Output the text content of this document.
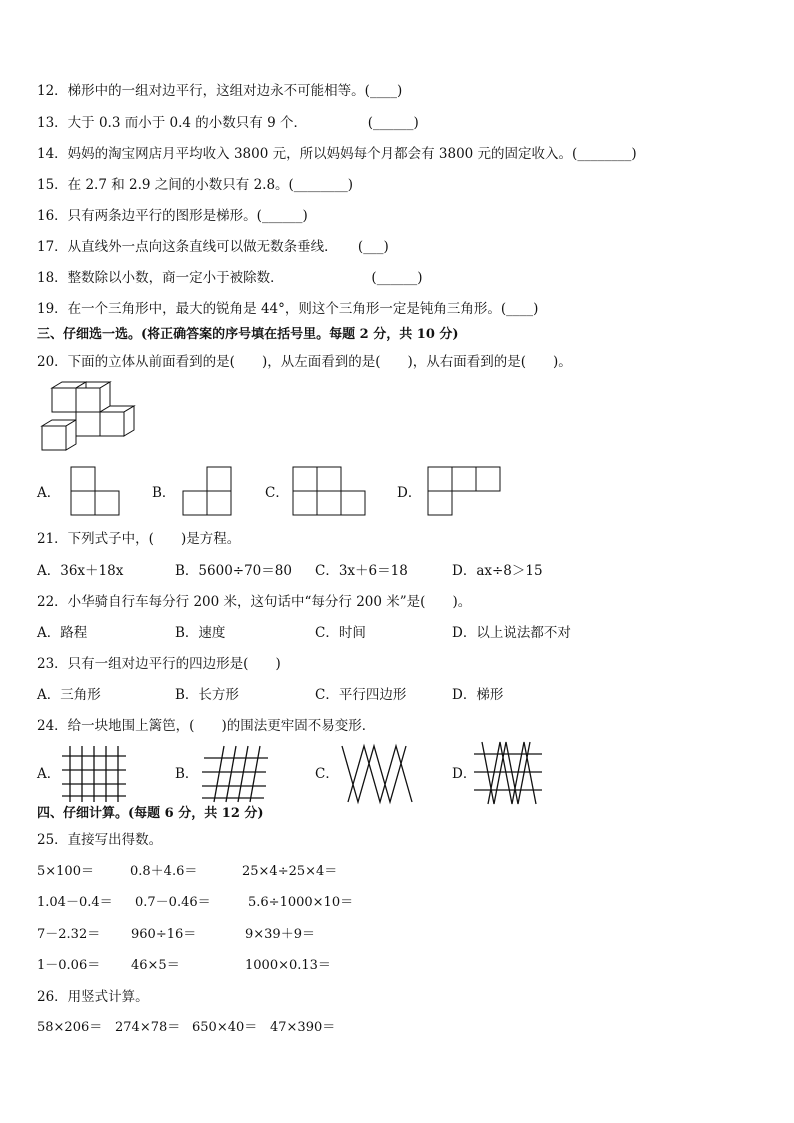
12．梯形中的一组对边平行，这组对边永不可能相等。(____)
13．大于 0.3 而小于 0.4 的小数只有 9 个．　　　　　(______)
14．妈妈的淘宝网店月平均收入 3800 元，所以妈妈每个月都会有 3800 元的固定收入。(________)
15．在 2.7 和 2.9 之间的小数只有 2.8。(________)
16．只有两条边平行的图形是梯形。(______)
17．从直线外一点向这条直线可以做无数条垂线．　　(___)
18．整数除以小数，商一定小于被除数．　　　　　　　(______)
19．在一个三角形中，最大的锐角是 44°，则这个三角形一定是钝角三角形。(____)
三、仔细选一选。(将正确答案的序号填在括号里。每题 2 分，共 10 分)
20．下面的立体从前面看到的是(　　)，从左面看到的是(　　)，从右面看到的是(　　)。
A．	B．	C．	D．
21．下列式子中，(　　)是方程。
A．36x＋18x	B．5600÷70＝80 C．3x＋6＝18	D．ax÷8＞15
22．小华骑自行车每分行 200 米，这句话中“每分行 200 米”是(　　)。
A．路程	B．速度	C．时间	D．以上说法都不对
23．只有一组对边平行的四边形是(　　)
A．三角形	B．长方形	C．平行四边形	D．梯形
24．给一块地围上篱笆，(　　)的围法更牢固不易变形．
A．	B．	C．	D．
四、仔细计算。(每题 6 分，共 12 分)
25．直接写出得数。
5×100＝	0.8＋4.6＝	25×4÷25×4＝
1.04－0.4＝ 0.7－0.46＝	5.6÷1000×10＝
7－2.32＝ 960÷16＝	9×39＋9＝
1－0.06＝ 46×5＝	1000×0.13＝
26．用竖式计算。
58×206＝ 274×78＝ 650×40＝ 47×390＝
